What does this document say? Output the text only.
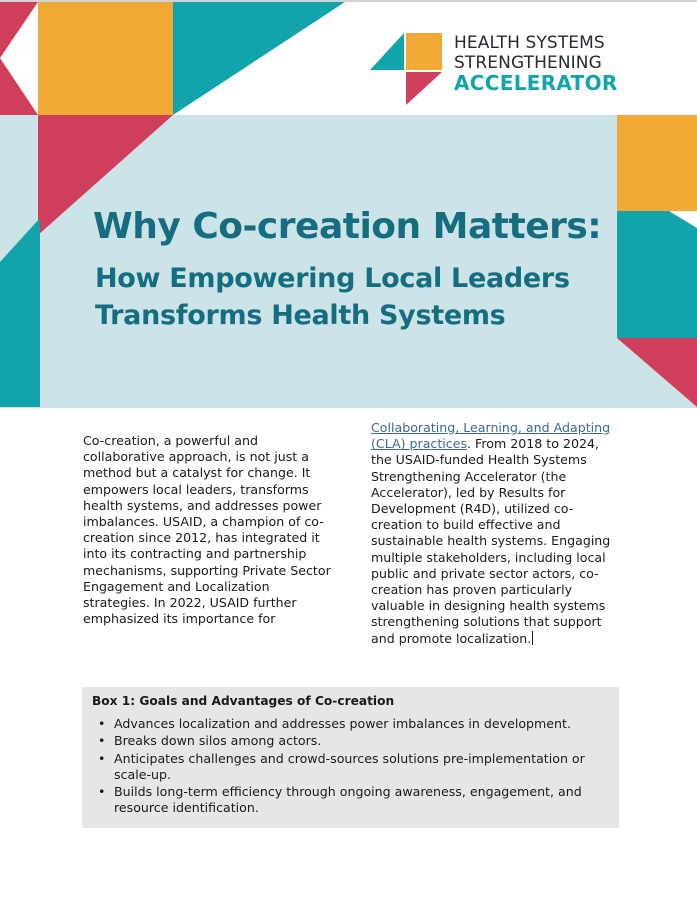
HEALTH SYSTEMS
STRENGTHENING
ACCELERATOR
Why Co-creation Matters:
How Empowering Local Leaders Transforms Health Systems
Co-creation, a powerful and collaborative approach, is not just a method but a catalyst for change. It empowers local leaders, transforms health systems, and addresses power imbalances. USAID, a champion of co-creation since 2012, has integrated it into its contracting and partnership mechanisms, supporting Private Sector Engagement and Localization strategies. In 2022, USAID further emphasized its importance for
Collaborating, Learning, and Adapting (CLA) practices. From 2018 to 2024, the USAID-funded Health Systems Strengthening Accelerator (the Accelerator), led by Results for Development (R4D), utilized co-creation to build effective and sustainable health systems. Engaging multiple stakeholders, including local public and private sector actors, co-creation has proven particularly valuable in designing health systems strengthening solutions that support and promote localization.
Box 1: Goals and Advantages of Co-creation
• Advances localization and addresses power imbalances in development.
• Breaks down silos among actors.
• Anticipates challenges and crowd-sources solutions pre-implementation or scale-up.
• Builds long-term efficiency through ongoing awareness, engagement, and resource identification.
